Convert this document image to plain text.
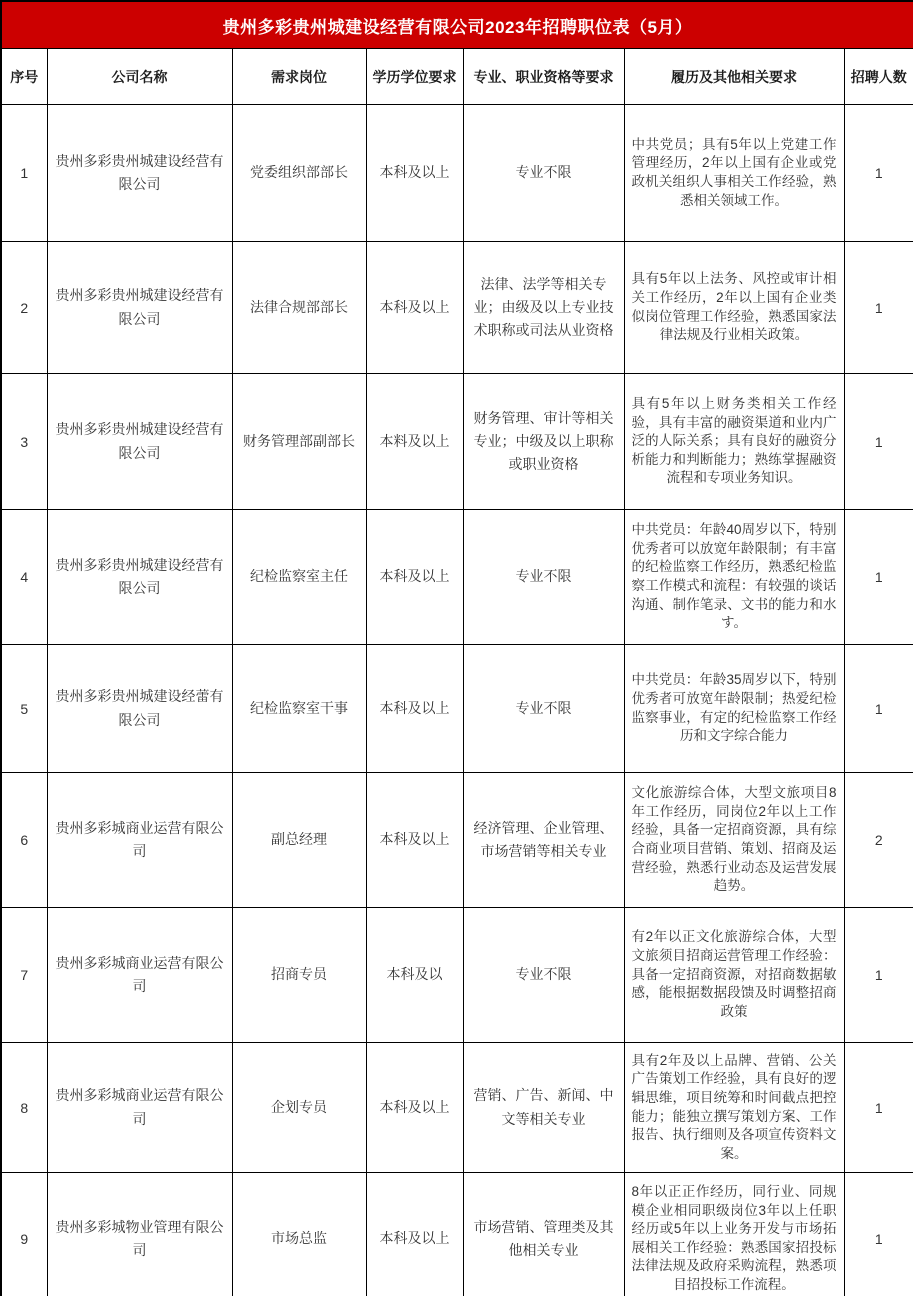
贵州多彩贵州城建设经营有限公司2023年招聘职位表（5月）						
序号	公司名称	需求岗位	学历学位要求	专业、职业资格等要求	履历及其他相关要求	招聘人数
1	贵州多彩贵州城建设经营有限公司	党委组织部部长	本科及以上	专业不限	中共党员；具有5年以上党建工作管理经历，2年以上国有企业或党政机关组织人事相关工作经验，熟悉相关领域工作。	1
2	贵州多彩贵州城建设经营有限公司	法律合规部部长	本科及以上	法律、法学等相关专业；由级及以上专业技术职称或司法从业资格	具有5年以上法务、风控或审计相关工作经历，2年以上国有企业类似岗位管理工作经验，熟悉国家法律法规及行业相关政策。	1
3	贵州多彩贵州城建设经营有限公司	财务管理部副部长	本料及以上	财务管理、审计等相关专业；中级及以上职称或职业资格	具有5年以上财务类相关工作经验，具有丰富的融资渠道和业内广泛的人际关系；具有良好的融资分析能力和判断能力；熟练掌握融资流程和专项业务知识。	1
4	贵州多彩贵州城建设经营有限公司	纪检监察室主任	本科及以上	专业不限	中共党员：年龄40周岁以下，特别优秀者可以放宽年龄限制；有丰富的纪检监察工作经历，熟悉纪检监察工作模式和流程：有较强的谈话沟通、制作笔录、文书的能力和水す。	1
5	贵州多彩贵州城建设经蕾有限公司	纪检监察室干事	本科及以上	专业不限	中共党员：年龄35周岁以下，特别优秀者可放宽年龄限制；热爱纪检监察事业，有定的纪检监察工作经历和文字综合能力	1
6	贵州多彩城商业运营有限公司	副总经理	本科及以上	经济管理、企业管理、市场营销等相关专业	文化旅游综合体，大型文旅项目8年工作经历，同岗位2年以上工作经验，具备一定招商资源，具有综合商业项目营销、策划、招商及运营经验，熟悉行业动态及运营发展趋势。	2
7	贵州多彩城商业运营有限公司	招商专员	本科及以	专业不限	有2年以正文化旅游综合体，大型文旅须目招商运营管理工作经验：具备一定招商资源，对招商数据敏感，能根据数据段馈及时调整招商政策	1
8	贵州多彩城商业运营有限公司	企划专员	本科及以上	营销、广告、新闻、中文等相关专业	具有2年及以上品牌、营销、公关广告策划工作经验，具有良好的逻辑思维，项目统筹和时间截点把控能力；能独立撰写策划方案、工作报告、执行细则及各项宣传资料文案。	1
9	贵州多彩城物业管理有限公司	市场总监	本科及以上	市场营销、管理类及其他相关专业	8年以正正作经历，同行业、同规模企业相同职级岗位3年以上任职经历或5年以上业务开发与市场拓展相关工作经验：熟悉国家招投标法律法规及政府采购流程，熟悉项目招投标工作流程。	1
